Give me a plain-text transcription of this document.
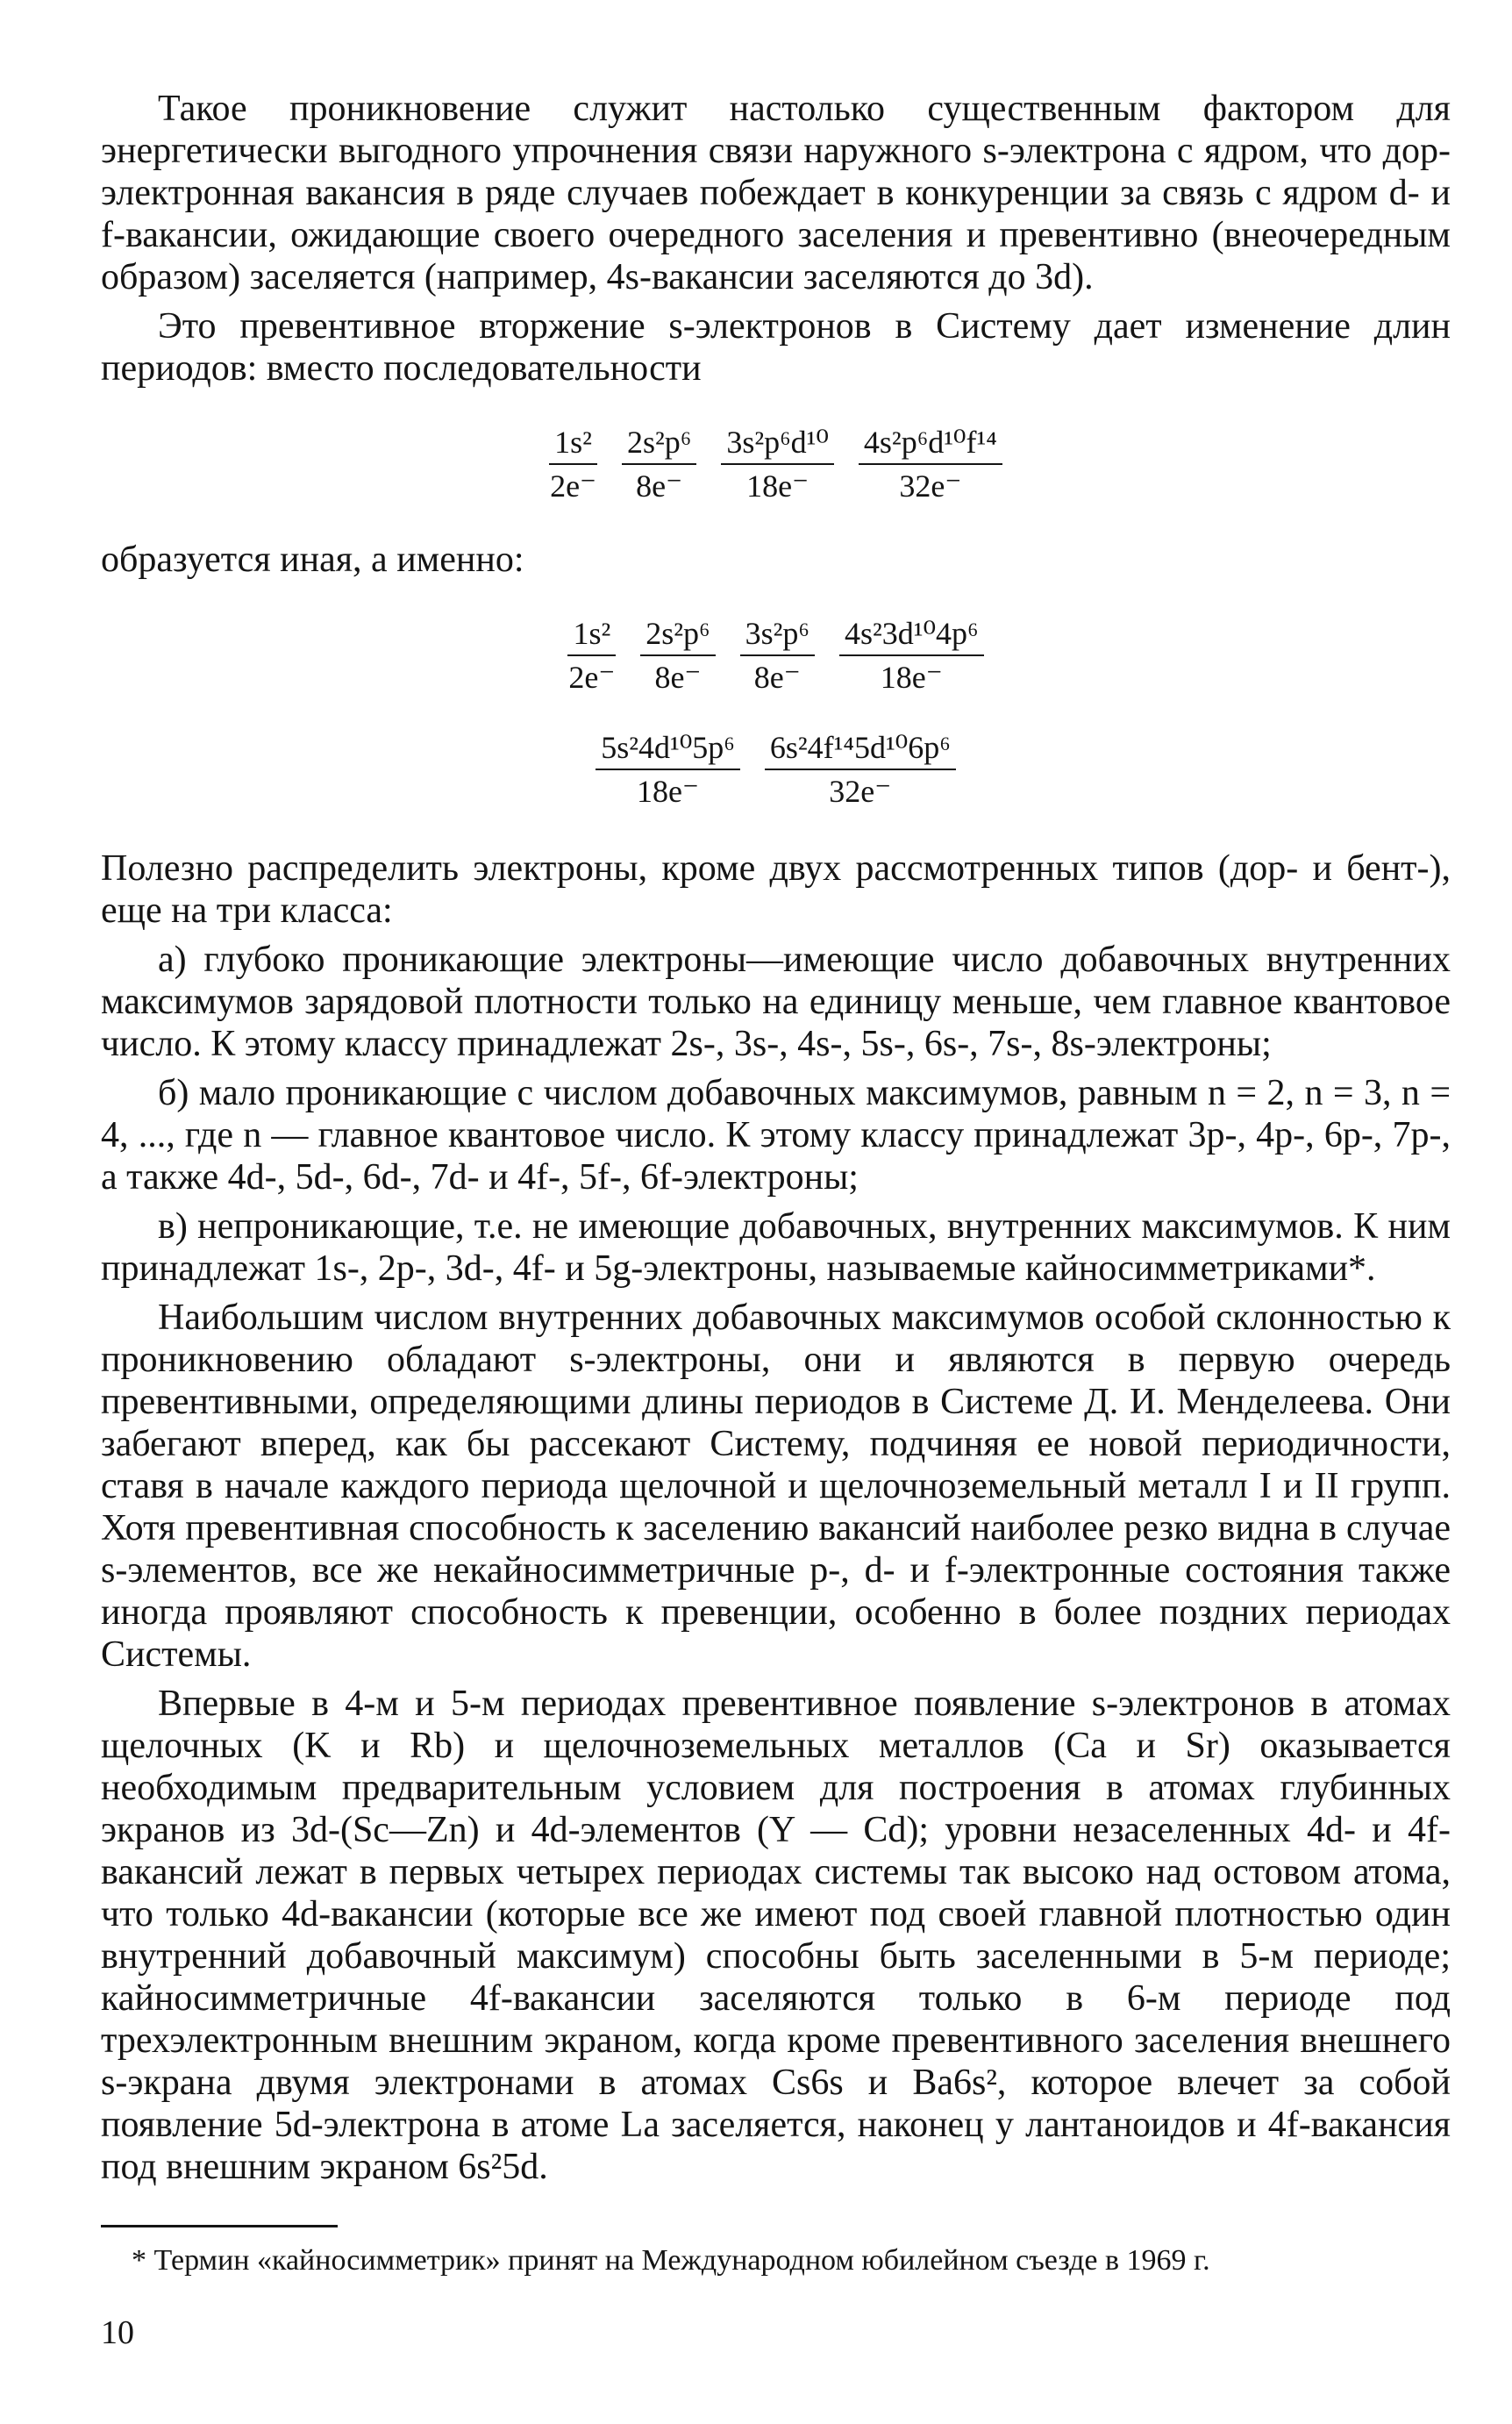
Такое проникновение служит настолько существенным фактором для энергетически выгодного упрочнения связи наружного s-электрона с ядром, что дор-электронная вакансия в ряде случаев побеждает в конкуренции за связь с ядром d- и f-вакансии, ожидающие своего очередного заселения и превентивно (внеочередным образом) заселяется (например, 4s-вакансии заселяются до 3d).

Это превентивное вторжение s-электронов в Систему дает изменение длин периодов: вместо последовательности

$\frac{\text{1s²}}{2e^-} \frac{\text{2s²p⁶}}{8e^-} \frac{\text{3s²p⁶d¹⁰}}{18e^-} \frac{\text{4s²p⁶d¹⁰f¹⁴}}{32e^-}$

образуется иная, а именно:

$\frac{\text{1s²}}{2e^-} \frac{\text{2s²p⁶}}{8e^-} \frac{\text{3s²p⁶}}{8e^-} \frac{\text{4s²3d¹⁰4p⁶}}{18e^-}$
$\frac{\text{5s²4d¹⁰5p⁶}}{18e^-} \frac{\text{6s²4f¹⁴5d¹⁰6p⁶}}{32e^-}$

Полезно распределить электроны, кроме двух рассмотренных типов (дор- и бент-), еще на три класса:

а) глубоко проникающие электроны—имеющие число добавочных внутренних максимумов зарядовой плотности только на единицу меньше, чем главное квантовое число. К этому классу принадлежат 2s-, 3s-, 4s-, 5s-, 6s-, 7s-, 8s-электроны;

б) мало проникающие с числом добавочных максимумов, равным n = 2, n = 3, n = 4, ..., где n — главное квантовое число. К этому классу принадлежат 3p-, 4p-, 6p-, 7p-, а также 4d-, 5d-, 6d-, 7d- и 4f-, 5f-, 6f-электроны;

в) непроникающие, т.е. не имеющие добавочных, внутренних максимумов. К ним принадлежат 1s-, 2p-, 3d-, 4f- и 5g-электроны, называемые кайносимметриками*.

Наибольшим числом внутренних добавочных максимумов особой склонностью к проникновению обладают s-электроны, они и являются в первую очередь превентивными, определяющими длины периодов в Системе Д. И. Менделеева. Они забегают вперед, как бы рассекают Систему, подчиняя ее новой периодичности, ставя в начале каждого периода щелочной и щелочноземельный металл I и II групп. Хотя превентивная способность к заселению вакансий наиболее резко видна в случае s-элементов, все же некайносимметричные p-, d- и f-электронные состояния также иногда проявляют способность к превенции, особенно в более поздних периодах Системы.

Впервые в 4-м и 5-м периодах превентивное появление s-электронов в атомах щелочных (K и Rb) и щелочноземельных металлов (Ca и Sr) оказывается необходимым предварительным условием для построения в атомах глубинных экранов из 3d-(Sc—Zn) и 4d-элементов (Y — Cd); уровни незаселенных 4d- и 4f-вакансий лежат в первых четырех периодах системы так высоко над остовом атома, что только 4d-вакансии (которые все же имеют под своей главной плотностью один внутренний добавочный максимум) способны быть заселенными в 5-м периоде; кайносимметричные 4f-вакансии заселяются только в 6-м периоде под трехэлектронным внешним экраном, когда кроме превентивного заселения внешнего s-экрана двумя электронами в атомах Cs6s и Ba6s², которое влечет за собой появление 5d-электрона в атоме La заселяется, наконец у лантаноидов и 4f-вакансия под внешним экраном 6s²5d.

* Термин «кайносимметрик» принят на Международном юбилейном съезде в 1969 г.

10
